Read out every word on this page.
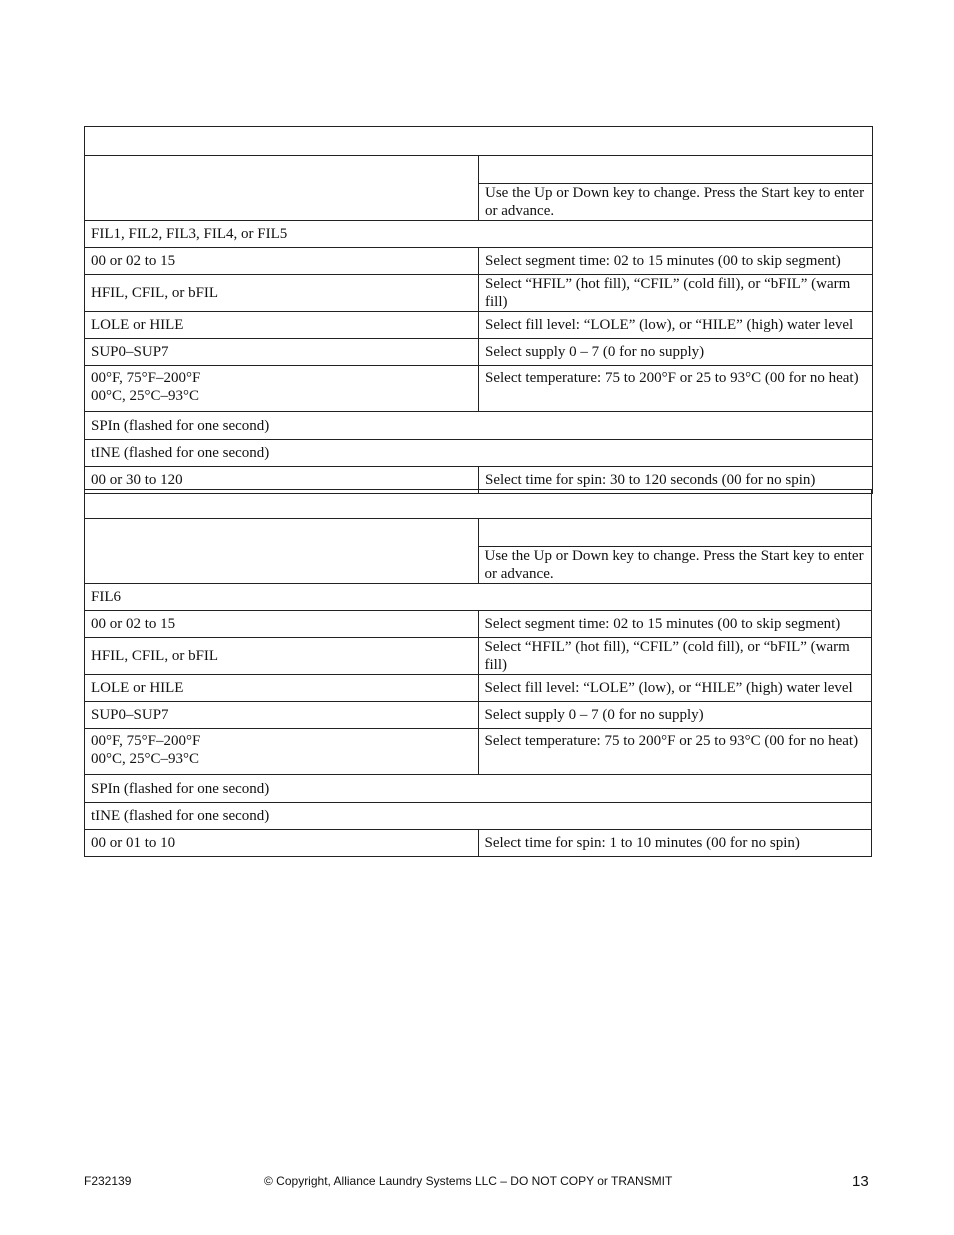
	Use the Up or Down key to change. Press the Start key to enter or advance.
FIL1, FIL2, FIL3, FIL4, or FIL5	
00 or 02 to 15	Select segment time: 02 to 15 minutes (00 to skip segment)
HFIL, CFIL, or bFIL	Select “HFIL” (hot fill), “CFIL” (cold fill), or “bFIL” (warm fill)
LOLE or HILE	Select fill level: “LOLE” (low), or “HILE” (high) water level
SUP0–SUP7	Select supply 0 – 7 (0 for no supply)

00°F, 75°F–200°F
00°C, 25°C–93°C	Select temperature: 75 to 200°F or 25 to 93°C (00 for no heat)
SPIn (flashed for one second)	
tINE (flashed for one second)	
00 or 30 to 120	Select time for spin: 30 to 120 seconds (00 for no spin)

	Use the Up or Down key to change. Press the Start key to enter or advance.
FIL6	
00 or 02 to 15	Select segment time: 02 to 15 minutes (00 to skip segment)
HFIL, CFIL, or bFIL	Select “HFIL” (hot fill), “CFIL” (cold fill), or “bFIL” (warm fill)
LOLE or HILE	Select fill level: “LOLE” (low), or “HILE” (high) water level
SUP0–SUP7	Select supply 0 – 7 (0 for no supply)

00°F, 75°F–200°F
00°C, 25°C–93°C	Select temperature: 75 to 200°F or 25 to 93°C (00 for no heat)
SPIn (flashed for one second)	
tINE (flashed for one second)	
00 or 01 to 10	Select time for spin: 1 to 10 minutes (00 for no spin)
F232139	© Copyright, Alliance Laundry Systems LLC – DO NOT COPY or TRANSMIT	13
